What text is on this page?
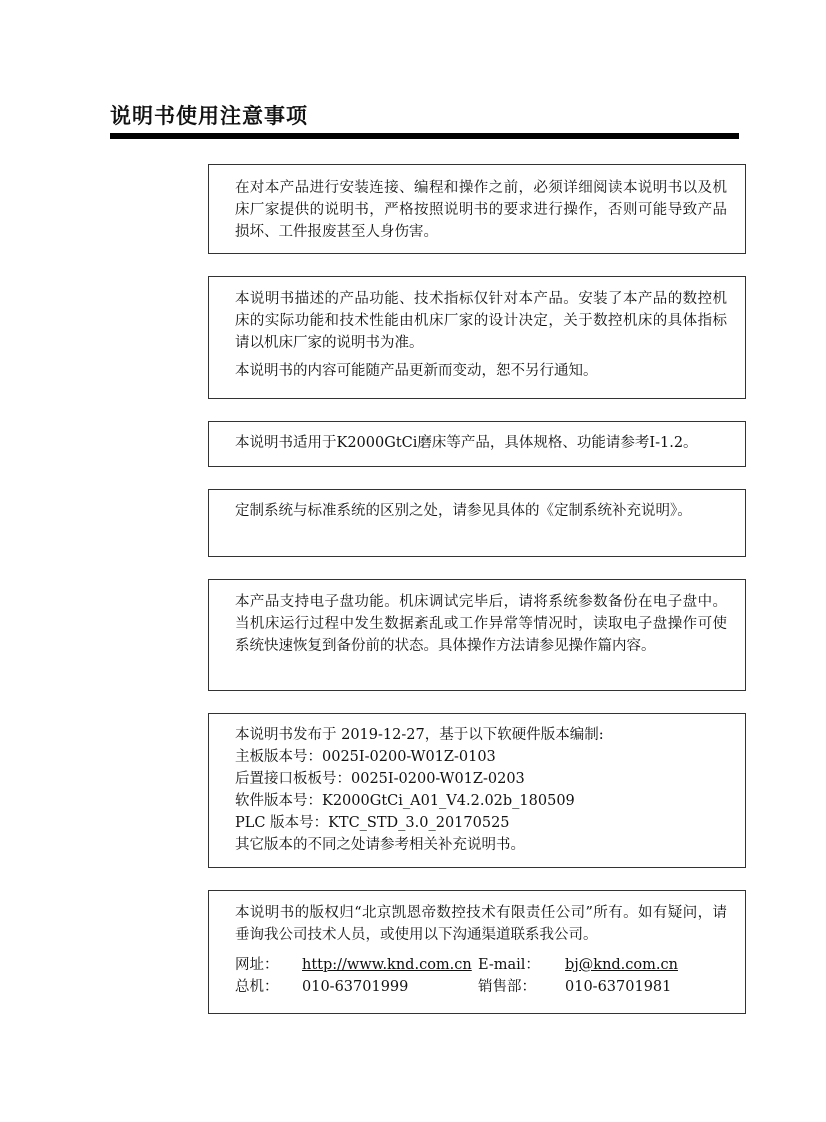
说明书使用注意事项

在对本产品进行安装连接、编程和操作之前，必须详细阅读本说明书以及机床厂家提供的说明书，严格按照说明书的要求进行操作，否则可能导致产品损坏、工件报废甚至人身伤害。

本说明书描述的产品功能、技术指标仅针对本产品。安装了本产品的数控机床的实际功能和技术性能由机床厂家的设计决定，关于数控机床的具体指标请以机床厂家的说明书为准。

本说明书的内容可能随产品更新而变动，恕不另行通知。

本说明书适用于K2000GtCi磨床等产品，具体规格、功能请参考I-1.2。

定制系统与标准系统的区别之处，请参见具体的《定制系统补充说明》。

本产品支持电子盘功能。机床调试完毕后，请将系统参数备份在电子盘中。当机床运行过程中发生数据紊乱或工作异常等情况时，读取电子盘操作可使系统快速恢复到备份前的状态。具体操作方法请参见操作篇内容。

本说明书发布于 2019-12-27，基于以下软硬件版本编制:
主板版本号：0025I-0200-W01Z-0103
后置接口板板号：0025I-0200-W01Z-0203
软件版本号：K2000GtCi_A01_V4.2.02b_180509
PLC 版本号：KTC_STD_3.0_20170525
其它版本的不同之处请参考相关补充说明书。

本说明书的版权归“北京凯恩帝数控技术有限责任公司”所有。如有疑问，请垂询我公司技术人员，或使用以下沟通渠道联系我公司。

网址：	http://www.knd.com.cn E-mail：	bj@knd.com.cn
总机：	010-63701999	销售部：	010-63701981
